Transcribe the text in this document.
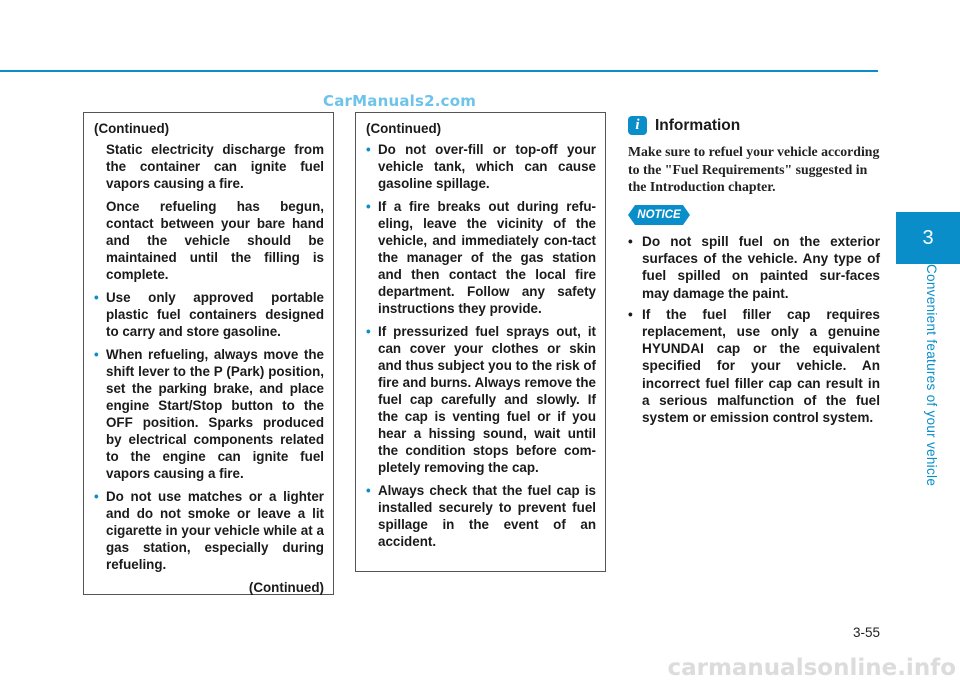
CarManuals2.com
(Continued)

Static electricity discharge from the container can ignite fuel vapors causing a fire.

Once refueling has begun, contact between your bare hand and the vehicle should be maintained until the filling is complete.

• Use only approved portable plastic fuel containers designed to carry and store gasoline.
• When refueling, always move the shift lever to the P (Park) position, set the parking brake, and place engine Start/Stop button to the OFF position. Sparks produced by electrical components related to the engine can ignite fuel vapors causing a fire.
• Do not use matches or a lighter and do not smoke or leave a lit cigarette in your vehicle while at a gas station, especially during refueling.
(Continued)
(Continued)
• Do not over-fill or top-off your vehicle tank, which can cause gasoline spillage.
• If a fire breaks out during refu-eling, leave the vicinity of the vehicle, and immediately con-tact the manager of the gas station and then contact the local fire department. Follow any safety instructions they provide.
• If pressurized fuel sprays out, it can cover your clothes or skin and thus subject you to the risk of fire and burns. Always remove the fuel cap carefully and slowly. If the cap is venting fuel or if you hear a hissing sound, wait until the condition stops before com-pletely removing the cap.
• Always check that the fuel cap is installed securely to prevent fuel spillage in the event of an accident.
i Information

Make sure to refuel your vehicle according to the "Fuel Requirements" suggested in the Introduction chapter.

NOTICE
• Do not spill fuel on the exterior surfaces of the vehicle. Any type of fuel spilled on painted sur-faces may damage the paint.
• If the fuel filler cap requires replacement, use only a genuine HYUNDAI cap or the equivalent specified for your vehicle. An incorrect fuel filler cap can result in a serious malfunction of the fuel system or emission control system.
3
Convenient features of your vehicle
3-55
carmanualsonline.info
